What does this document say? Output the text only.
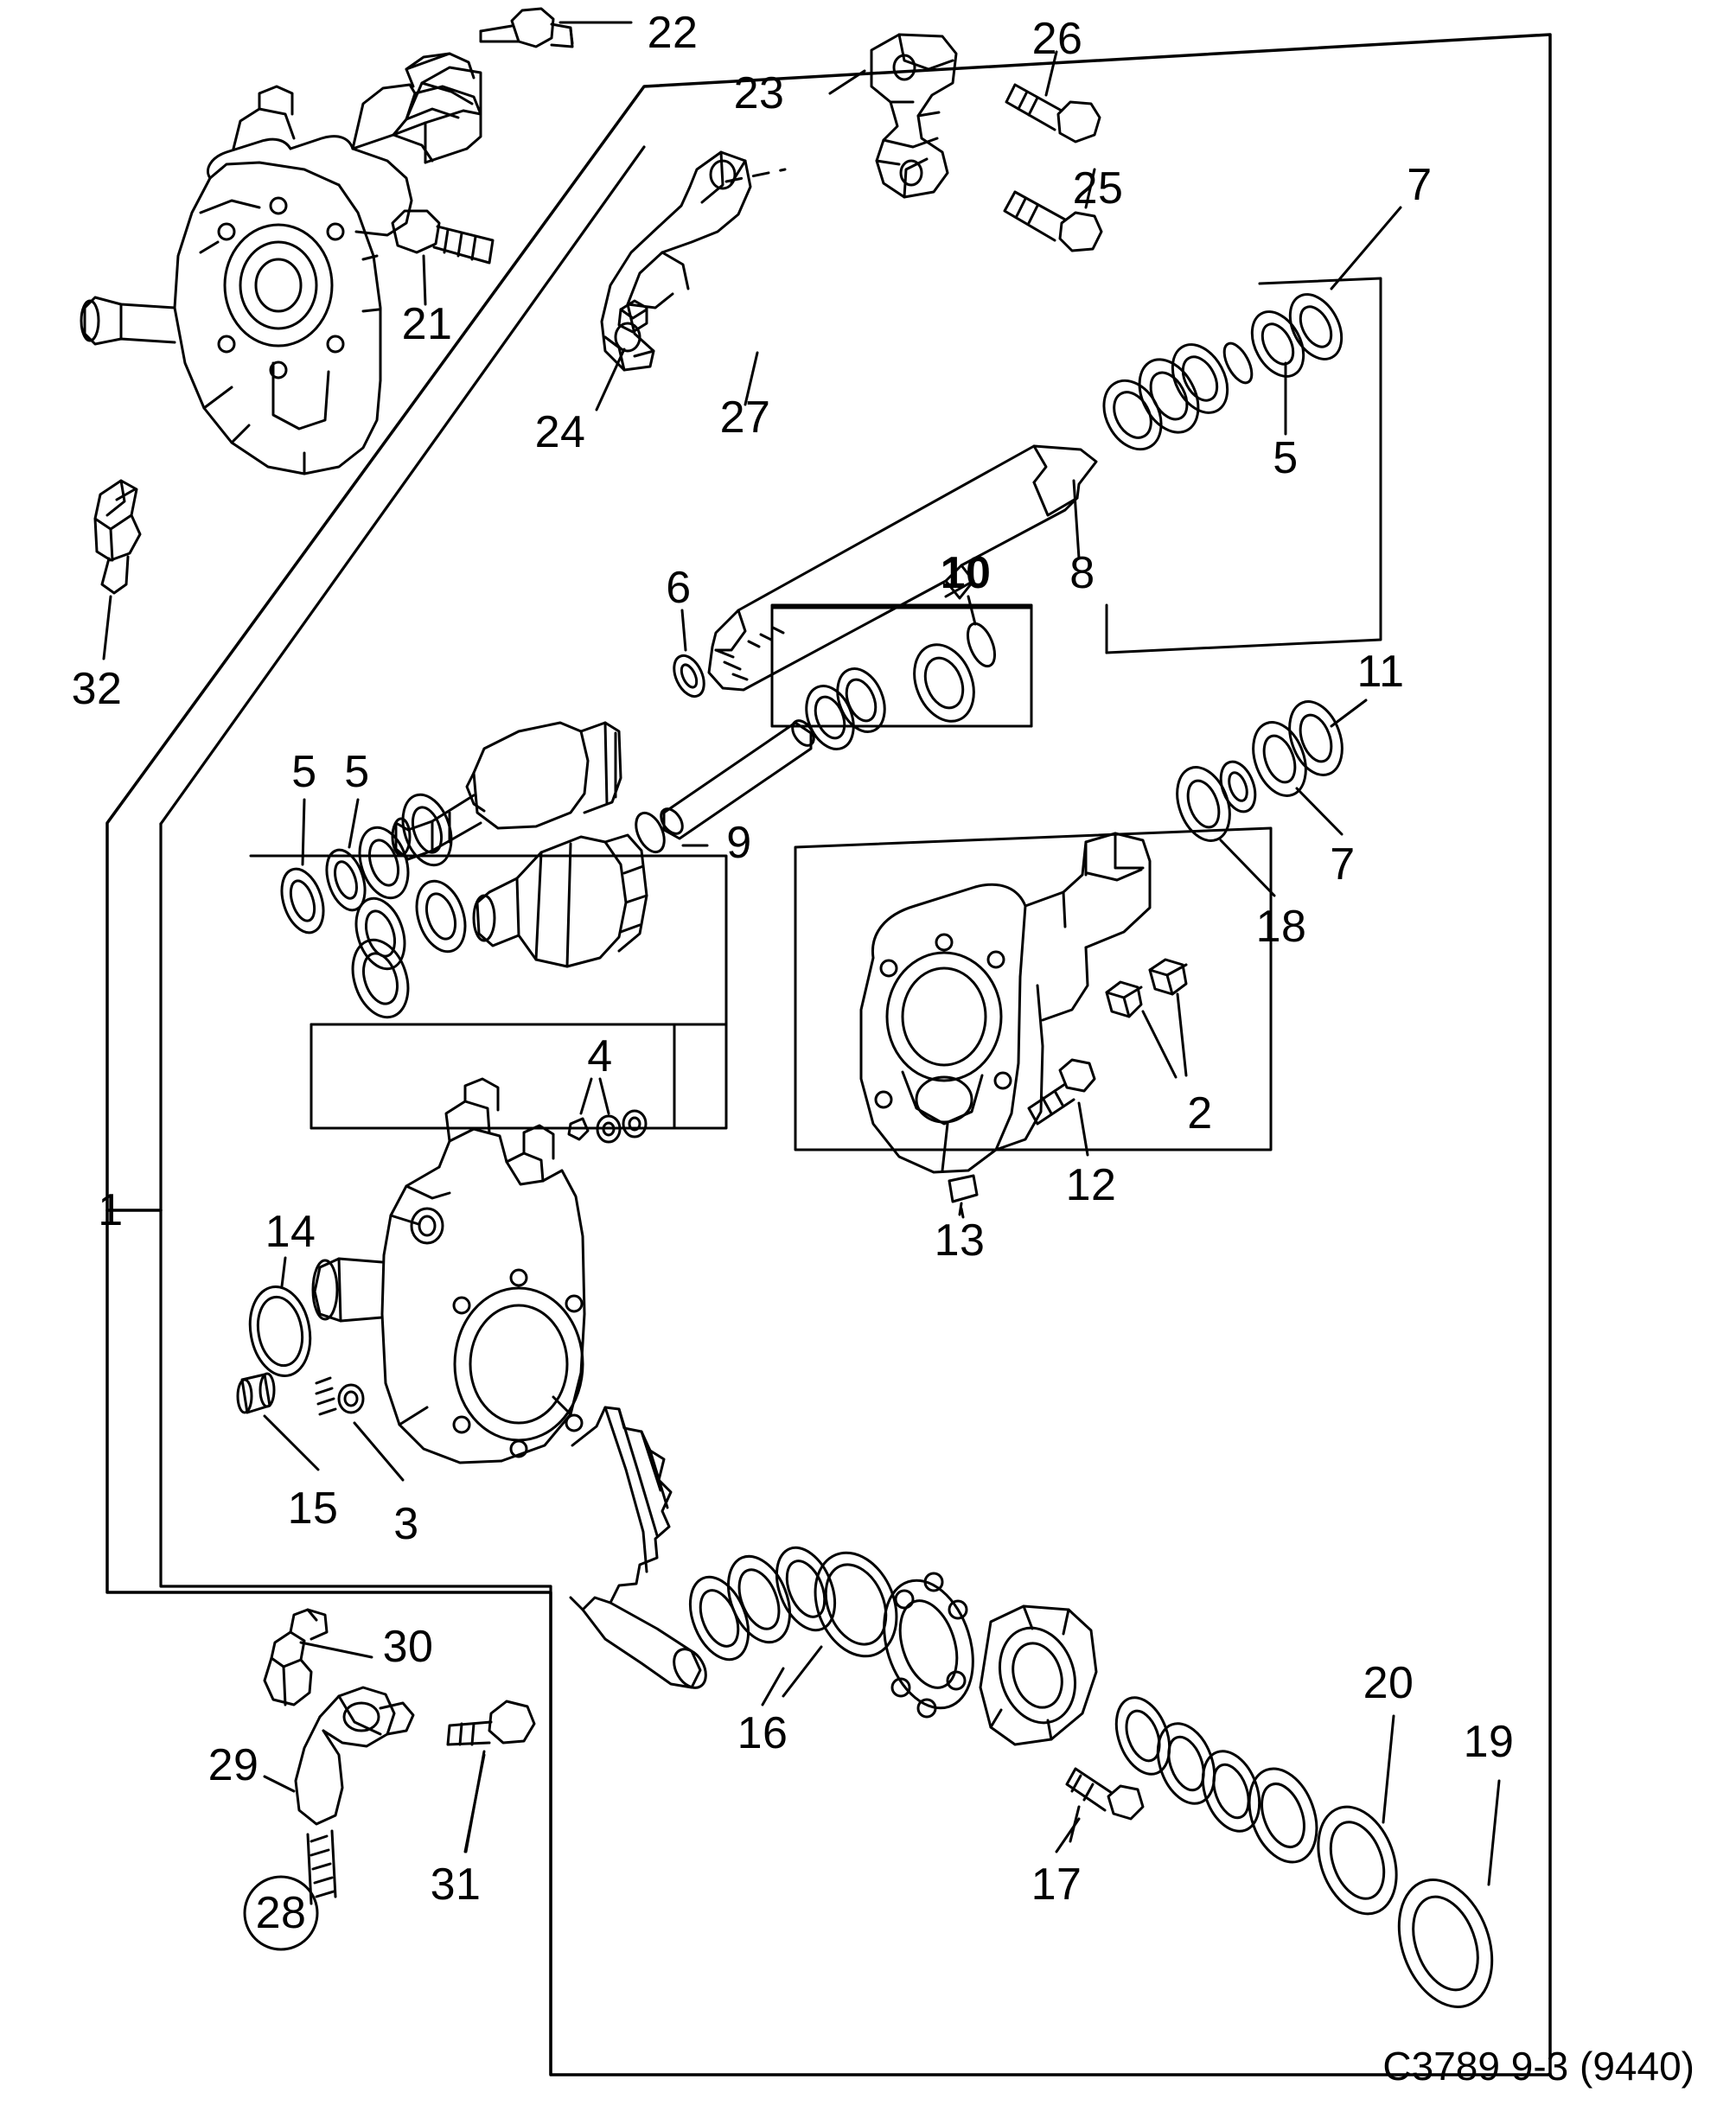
22	26
23
25
21
7
24	27
5
8
10
6
32	11
5 5
9	7
18
4
2
12
1	14	13
15 3
30
29
16
20
19
31
28
17
C3789 9-3 (9440)
